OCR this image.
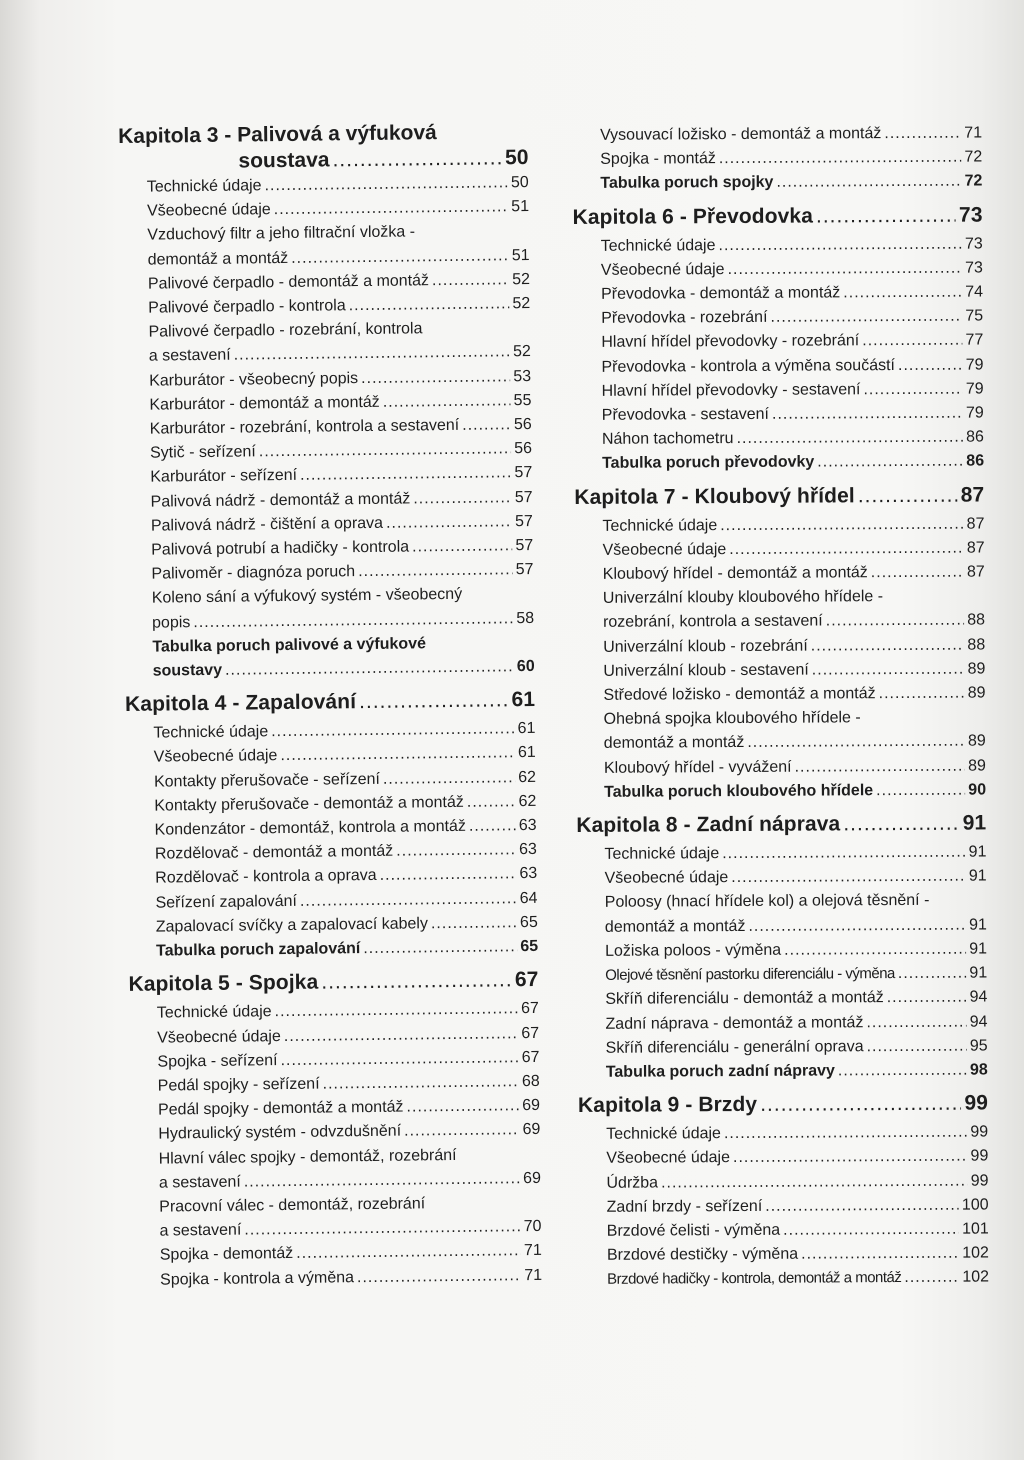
Kapitola 3 - Palivová a výfuková
soustava .....	50
Technické údaje .....	50
Všeobecné údaje .....	51
Vzduchový filtr a jeho filtrační vložka -
demontáž a montáž .....	51
Palivové čerpadlo - demontáž a montáž .....	52
Palivové čerpadlo - kontrola .....	52
Palivové čerpadlo - rozebrání, kontrola
a sestavení .....	52
Karburátor - všeobecný popis .....	53
Karburátor - demontáž a montáž .....	55
Karburátor - rozebrání, kontrola a sestavení .....	56
Sytič - seřízení .....	56
Karburátor - seřízení .....	57
Palivová nádrž - demontáž a montáž .....	57
Palivová nádrž - čištění a oprava .....	57
Palivová potrubí a hadičky - kontrola .....	57
Palivoměr - diagnóza poruch .....	57
Koleno sání a výfukový systém - všeobecný
popis .....	58
Tabulka poruch palivové a výfukové
soustavy .....	60
Kapitola 4 - Zapalování .....	61
Technické údaje .....	61
Všeobecné údaje .....	61
Kontakty přerušovače - seřízení .....	62
Kontakty přerušovače - demontáž a montáž .....	62
Kondenzátor - demontáž, kontrola a montáž .....	63
Rozdělovač - demontáž a montáž .....	63
Rozdělovač - kontrola a oprava .....	63
Seřízení zapalování .....	64
Zapalovací svíčky a zapalovací kabely .....	65
Tabulka poruch zapalování .....	65
Kapitola 5 - Spojka .....	67
Technické údaje .....	67
Všeobecné údaje .....	67
Spojka - seřízení .....	67
Pedál spojky - seřízení .....	68
Pedál spojky - demontáž a montáž .....	69
Hydraulický systém - odvzdušnění .....	69
Hlavní válec spojky - demontáž, rozebrání
a sestavení .....	69
Pracovní válec - demontáž, rozebrání
a sestavení .....	70
Spojka - demontáž .....	71
Spojka - kontrola a výměna .....	71
Vysouvací ložisko - demontáž a montáž .....	71
Spojka - montáž .....	72
Tabulka poruch spojky .....	72
Kapitola 6 - Převodovka .....	73
Technické údaje .....	73
Všeobecné údaje .....	73
Převodovka - demontáž a montáž .....	74
Převodovka - rozebrání .....	75
Hlavní hřídel převodovky - rozebrání .....	77
Převodovka - kontrola a výměna součástí .....	79
Hlavní hřídel převodovky - sestavení .....	79
Převodovka - sestavení .....	79
Náhon tachometru .....	86
Tabulka poruch převodovky .....	86
Kapitola 7 - Kloubový hřídel .....	87
Technické údaje .....	87
Všeobecné údaje .....	87
Kloubový hřídel - demontáž a montáž .....	87
Univerzální klouby kloubového hřídele -
rozebrání, kontrola a sestavení .....	88
Univerzální kloub - rozebrání .....	88
Univerzální kloub - sestavení .....	89
Středové ložisko - demontáž a montáž .....	89
Ohebná spojka kloubového hřídele -
demontáž a montáž .....	89
Kloubový hřídel - vyvážení .....	89
Tabulka poruch kloubového hřídele .....	90
Kapitola 8 - Zadní náprava .....	91
Technické údaje .....	91
Všeobecné údaje .....	91
Poloosy (hnací hřídele kol) a olejová těsnění -
demontáž a montáž .....	91
Ložiska poloos - výměna .....	91
Olejové těsnění pastorku diferenciálu - výměna .....	91
Skříň diferenciálu - demontáž a montáž .....	94
Zadní náprava - demontáž a montáž .....	94
Skříň diferenciálu - generální oprava .....	95
Tabulka poruch zadní nápravy .....	98
Kapitola 9 - Brzdy .....	99
Technické údaje .....	99
Všeobecné údaje .....	99
Údržba .....	99
Zadní brzdy - seřízení .....	100
Brzdové čelisti - výměna .....	101
Brzdové destičky - výměna .....	102
Brzdové hadičky - kontrola, demontáž a montáž .....	102
